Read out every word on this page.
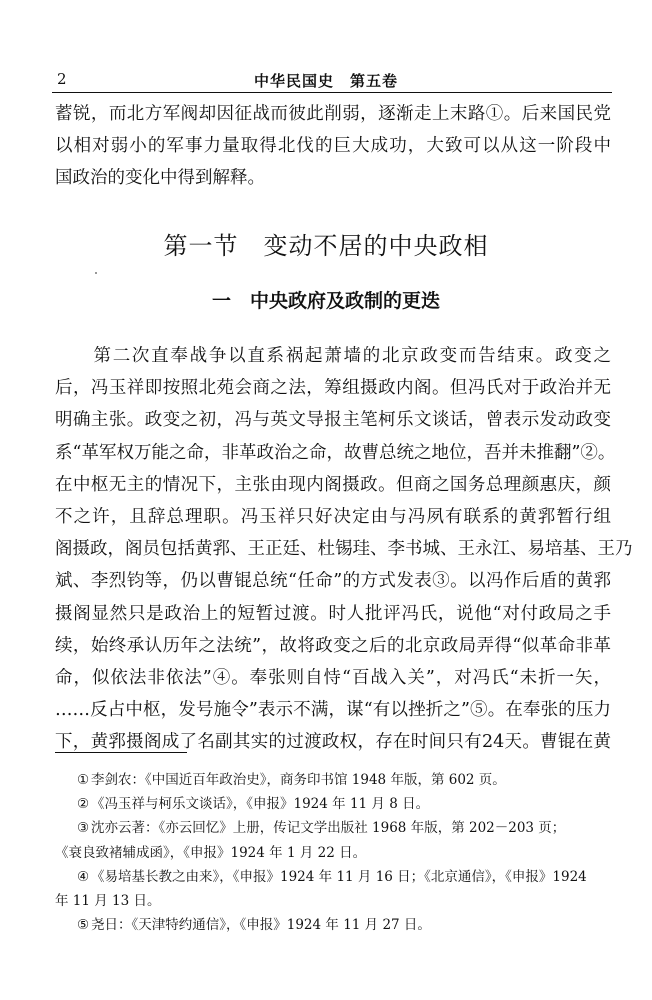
2	中华民国史　第五卷
蓄锐，而北方军阀却因征战而彼此削弱，逐渐走上末路①。后来国民党
以相对弱小的军事力量取得北伐的巨大成功，大致可以从这一阶段中
国政治的变化中得到解释。
第一节　变动不居的中央政相
一　中央政府及政制的更迭
　　第二次直奉战争以直系祸起萧墙的北京政变而告结束。政变之
后，冯玉祥即按照北苑会商之法，筹组摄政内阁。但冯氏对于政治并无
明确主张。政变之初，冯与英文导报主笔柯乐文谈话，曾表示发动政变
系“革军权万能之命，非革政治之命，故曹总统之地位，吾并未推翻”②。
在中枢无主的情况下，主张由现内阁摄政。但商之国务总理颜惠庆，颜
不之许，且辞总理职。冯玉祥只好决定由与冯夙有联系的黄郛暂行组
阁摄政，阁员包括黄郛、王正廷、杜锡珪、李书城、王永江、易培基、王乃
斌、李烈钧等，仍以曹锟总统“任命”的方式发表③。以冯作后盾的黄郛
摄阁显然只是政治上的短暂过渡。时人批评冯氏，说他“对付政局之手
续，始终承认历年之法统”，故将政变之后的北京政局弄得“似革命非革
命，似依法非依法”④。奉张则自恃“百战入关”，对冯氏“未折一矢，
……反占中枢，发号施令”表示不满，谋“有以挫折之”⑤。在奉张的压力
下，黄郛摄阁成了名副其实的过渡政权，存在时间只有24天。曹锟在黄
① 李剑农：《中国近百年政治史》，商务印书馆 1948 年版，第 602 页。
② 《冯玉祥与柯乐文谈话》，《申报》1924 年 11 月 8 日。
③ 沈亦云著：《亦云回忆》上册，传记文学出版社 1968 年版，第 202－203 页；
《衰良致褚辅成函》，《申报》1924 年 1 月 22 日。
④ 《易培基长教之由来》，《申报》1924 年 11 月 16 日；《北京通信》，《申报》1924
年 11 月 13 日。
⑤ 尧日：《天津特约通信》，《申报》1924 年 11 月 27 日。
